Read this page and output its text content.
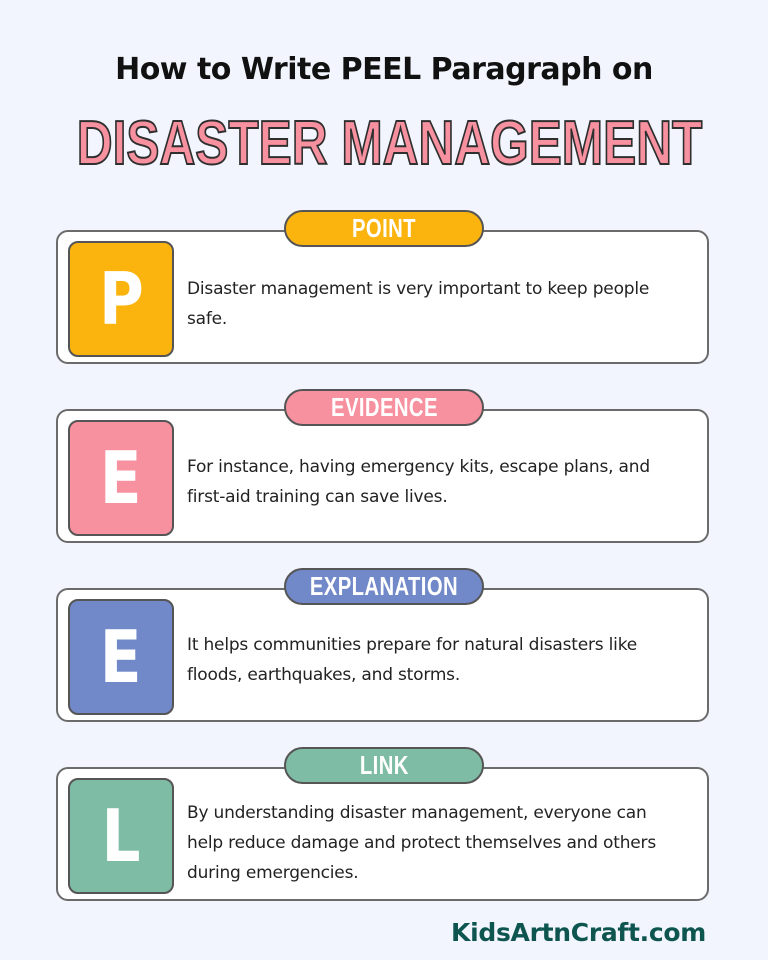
How to Write PEEL Paragraph on
DISASTER MANAGEMENT
POINT
P	Disaster management is very important to keep people safe.
EVIDENCE
E	For instance, having emergency kits, escape plans, and first-aid training can save lives.
EXPLANATION
E	It helps communities prepare for natural disasters like floods, earthquakes, and storms.
LINK
L	By understanding disaster management, everyone can help reduce damage and protect themselves and others during emergencies.
KidsArtnCraft.com
